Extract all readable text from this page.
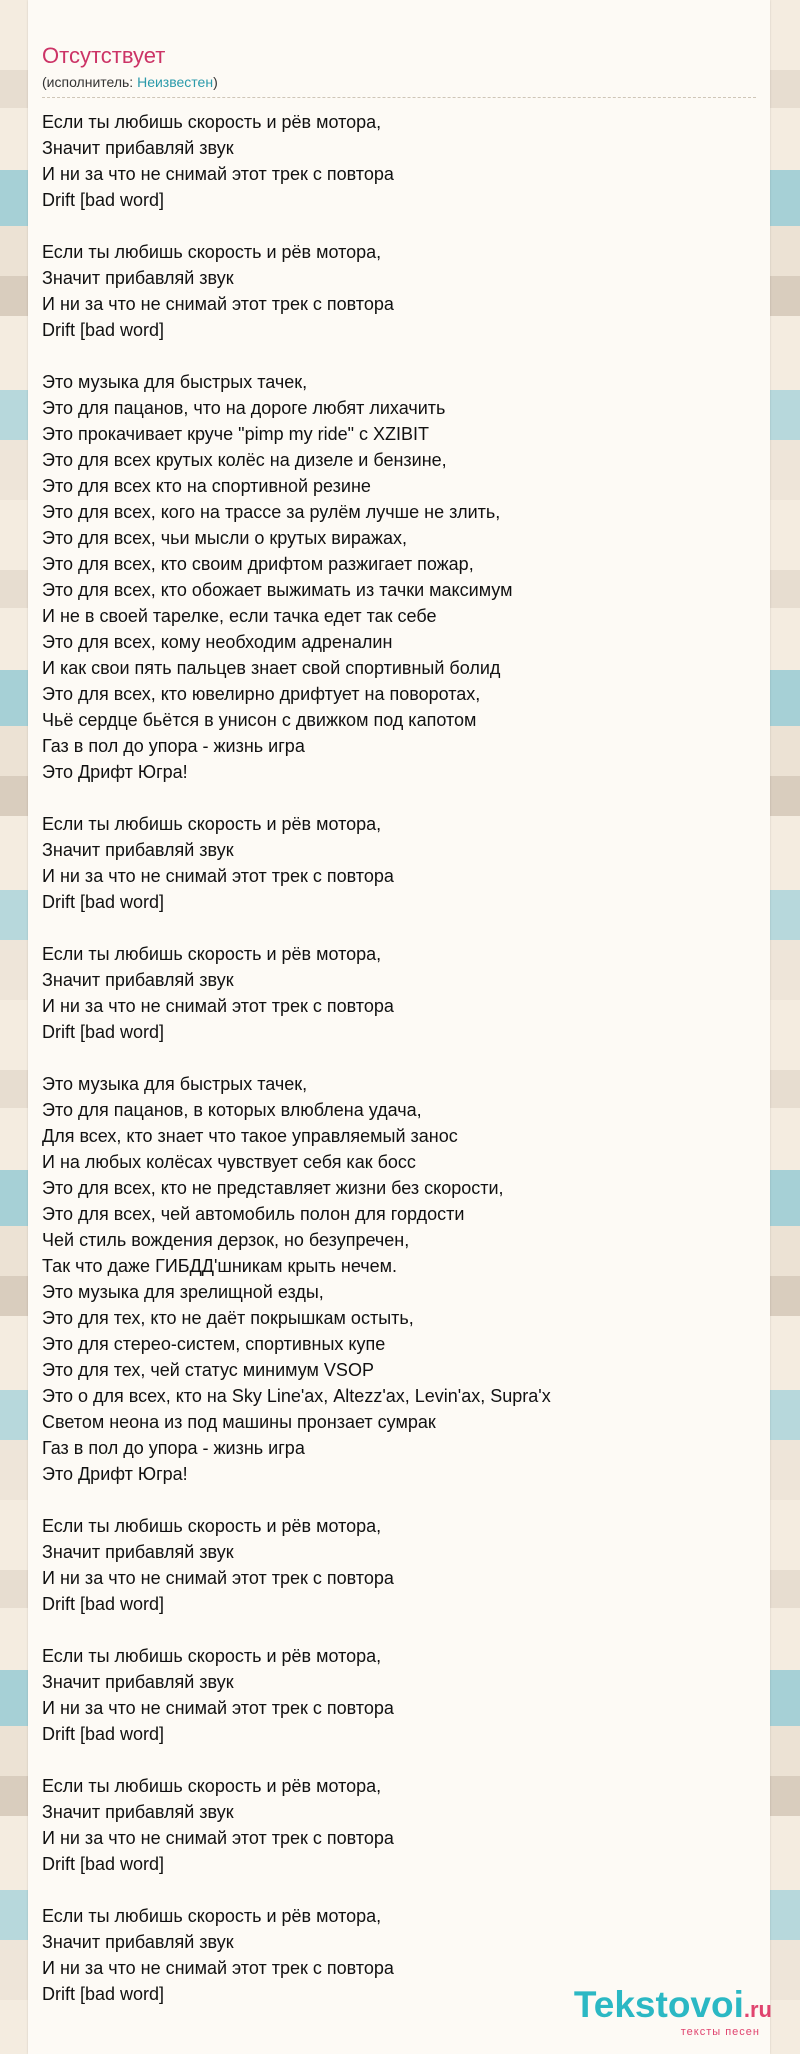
Отсутствует
(исполнитель: Неизвестен)
Если ты любишь скорость и рёв мотора,
Значит прибавляй звук
И ни за что не снимай этот трек с повтора
Drift [bad word]
Если ты любишь скорость и рёв мотора,
Значит прибавляй звук
И ни за что не снимай этот трек с повтора
Drift [bad word]
Это музыка для быстрых тачек,
Это для пацанов, что на дороге любят лихачить
Это прокачивает круче "pimp my ride" с XZIBIT
Это для всех крутых колёс на дизеле и бензине,
Это для всех кто на спортивной резине
Это для всех, кого на трассе за рулём лучше не злить,
Это для всех, чьи мысли о крутых виражах,
Это для всех, кто своим дрифтом разжигает пожар,
Это для всех, кто обожает выжимать из тачки максимум
И не в своей тарелке, если тачка едет так себе
Это для всех, кому необходим адреналин
И как свои пять пальцев знает свой спортивный болид
Это для всех, кто ювелирно дрифтует на поворотах,
Чьё сердце бьётся в унисон с движком под капотом
Газ в пол до упора - жизнь игра
Это Дрифт Югра!
Если ты любишь скорость и рёв мотора,
Значит прибавляй звук
И ни за что не снимай этот трек с повтора
Drift [bad word]
Если ты любишь скорость и рёв мотора,
Значит прибавляй звук
И ни за что не снимай этот трек с повтора
Drift [bad word]
Это музыка для быстрых тачек,
Это для пацанов, в которых влюблена удача,
Для всех, кто знает что такое управляемый занос
И на любых колёсах чувствует себя как босс
Это для всех, кто не представляет жизни без скорости,
Это для всех, чей автомобиль полон для гордости
Чей стиль вождения дерзок, но безупречен,
Так что даже ГИБДД'шникам крыть нечем.
Это музыка для зрелищной езды,
Это для тех, кто не даёт покрышкам остыть,
Это для стерео-систем, спортивных купе
Это для тех, чей статус минимум VSOP
Это о для всех, кто на Sky Line'ах, Altezz'ах, Levin'ах, Supra'х
Светом неона из под машины пронзает сумрак
Газ в пол до упора - жизнь игра
Это Дрифт Югра!
Если ты любишь скорость и рёв мотора,
Значит прибавляй звук
И ни за что не снимай этот трек с повтора
Drift [bad word]
Если ты любишь скорость и рёв мотора,
Значит прибавляй звук
И ни за что не снимай этот трек с повтора
Drift [bad word]
Если ты любишь скорость и рёв мотора,
Значит прибавляй звук
И ни за что не снимай этот трек с повтора
Drift [bad word]
Если ты любишь скорость и рёв мотора,
Значит прибавляй звук
И ни за что не снимай этот трек с повтора
Drift [bad word]	Tekstovoi.ru
тексты песен
